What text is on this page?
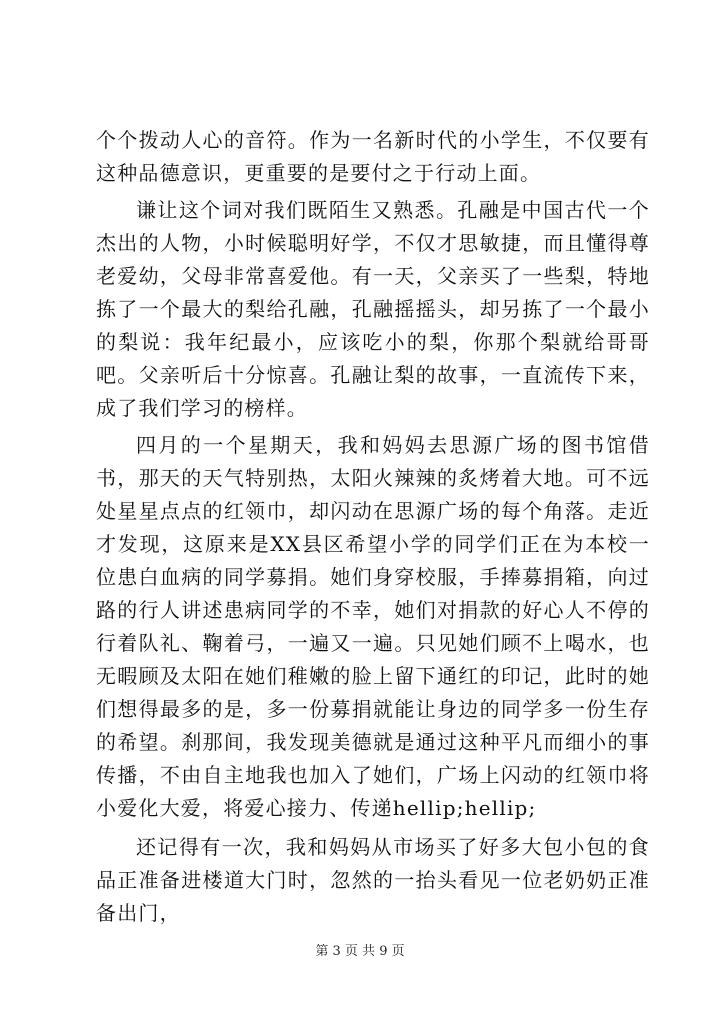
个个拨动人心的音符。作为一名新时代的小学生，不仅要有这种品德意识，更重要的是要付之于行动上面。

谦让这个词对我们既陌生又熟悉。孔融是中国古代一个杰出的人物，小时候聪明好学，不仅才思敏捷，而且懂得尊老爱幼，父母非常喜爱他。有一天，父亲买了一些梨，特地拣了一个最大的梨给孔融，孔融摇摇头，却另拣了一个最小的梨说：我年纪最小，应该吃小的梨，你那个梨就给哥哥吧。父亲听后十分惊喜。孔融让梨的故事，一直流传下来，成了我们学习的榜样。

四月的一个星期天，我和妈妈去思源广场的图书馆借书，那天的天气特别热，太阳火辣辣的炙烤着大地。可不远处星星点点的红领巾，却闪动在思源广场的每个角落。走近才发现，这原来是XX县区希望小学的同学们正在为本校一位患白血病的同学募捐。她们身穿校服，手捧募捐箱，向过路的行人讲述患病同学的不幸，她们对捐款的好心人不停的行着队礼、鞠着弓，一遍又一遍。只见她们顾不上喝水，也无暇顾及太阳在她们稚嫩的脸上留下通红的印记，此时的她们想得最多的是，多一份募捐就能让身边的同学多一份生存的希望。刹那间，我发现美德就是通过这种平凡而细小的事传播，不由自主地我也加入了她们，广场上闪动的红领巾将小爱化大爱，将爱心接力、传递hellip;hellip;

还记得有一次，我和妈妈从市场买了好多大包小包的食品正准备进楼道大门时，忽然的一抬头看见一位老奶奶正准备出门，

第 3 页 共 9 页
